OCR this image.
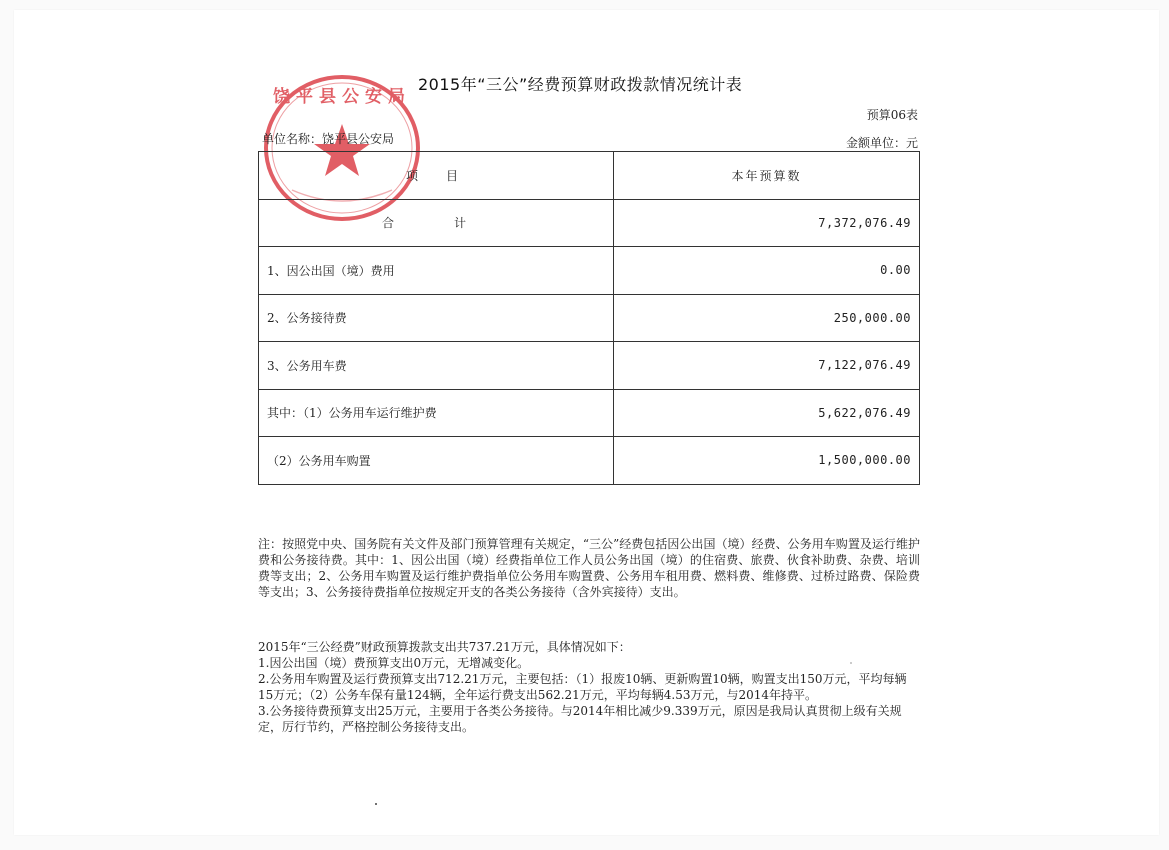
饶平县公安局
2015年“三公”经费预算财政拨款情况统计表
预算06表
单位名称：饶平县公安局	金额单位：元
项　目	本年预算数
合　计	7,372,076.49
1、因公出国（境）费用	0.00
2、公务接待费	250,000.00
3、公务用车费	7,122,076.49
其中：（1）公务用车运行维护费	5,622,076.49
（2）公务用车购置	1,500,000.00
注：按照党中央、国务院有关文件及部门预算管理有关规定，“三公”经费包括因公出国（境）经费、公务用车购置及运行维护费和公务接待费。其中：1、因公出国（境）经费指单位工作人员公务出国（境）的住宿费、旅费、伙食补助费、杂费、培训费等支出；2、公务用车购置及运行维护费指单位公务用车购置费、公务用车租用费、燃料费、维修费、过桥过路费、保险费等支出；3、公务接待费指单位按规定开支的各类公务接待（含外宾接待）支出。
2015年“三公经费”财政预算拨款支出共737.21万元，具体情况如下：
1.因公出国（境）费预算支出0万元，无增减变化。
2.公务用车购置及运行费预算支出712.21万元，主要包括：（1）报废10辆、更新购置10辆，购置支出150万元，平均每辆15万元；（2）公务车保有量124辆，全年运行费支出562.21万元，平均每辆4.53万元，与2014年持平。
3.公务接待费预算支出25万元，主要用于各类公务接待。与2014年相比减少9.339万元，原因是我局认真贯彻上级有关规定，厉行节约，严格控制公务接待支出。
